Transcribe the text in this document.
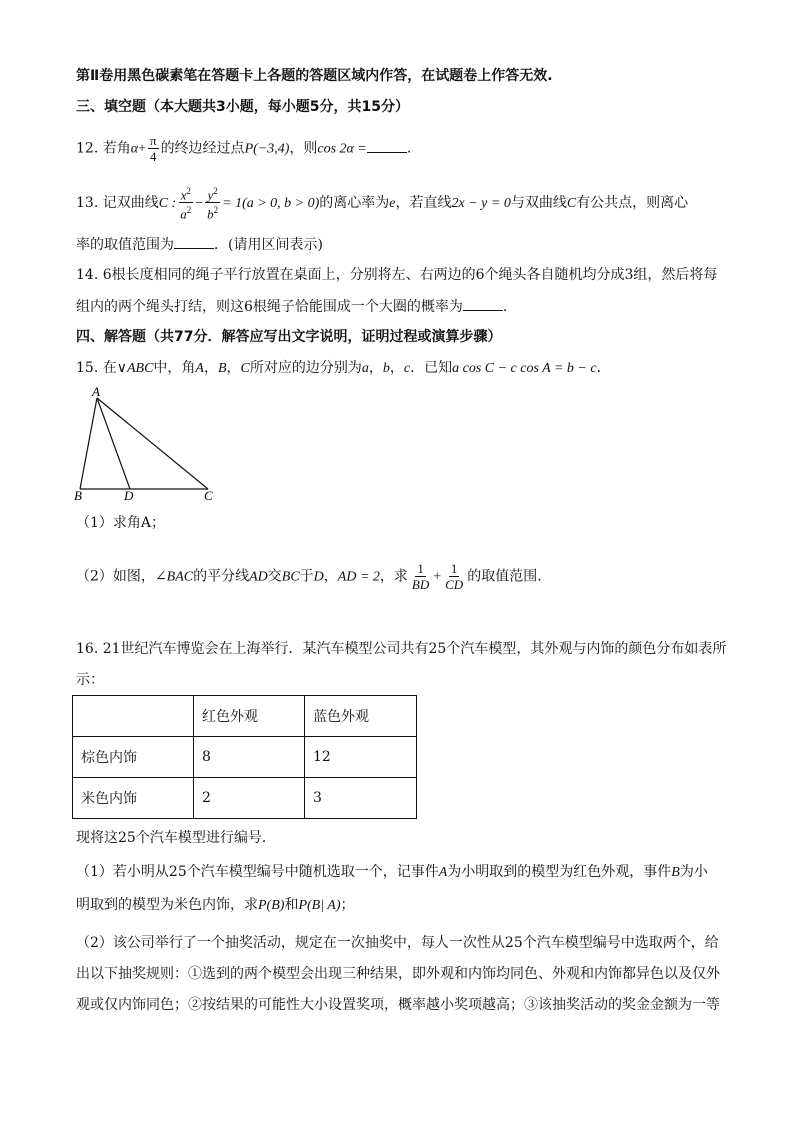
第Ⅱ卷用黑色碳素笔在答题卡上各题的答题区域内作答，在试题卷上作答无效.
三、填空题（本大题共3小题，每小题5分，共15分）
12. 若角$\alpha+ \frac{\pi}{4}$ 的终边经过点P(−3,4)，则cos 2α =	.
13. 记双曲线C : $\frac{x^2}{a^2} - \frac{y^2}{b^2} = 1(a > 0$, b > 0)的离心率为e，若直线2x − y = 0与双曲线C有公共点，则离心
率的取值范围为	．(请用区间表示)
14. 6根长度相同的绳子平行放置在桌面上，分别将左、右两边的6个绳头各自随机均分成3组，然后将每
组内的两个绳头打结，则这6根绳子恰能围成一个大圈的概率为	.
四、解答题（共77分．解答应写出文字说明，证明过程或演算步骤）
15. 在∨ABC中，角A，B，C所对应的边分别为a，b，c．已知a cos C − c cos A = b − c．
A
B	D	C
（1）求角A；
（2）如图，∠BAC的平分线AD交BC于D，AD = 2，求 $\frac{1}{BD} + \frac{1}{CD}$ 的取值范围.
16. 21世纪汽车博览会在上海举行．某汽车模型公司共有25个汽车模型，其外观与内饰的颜色分布如表所
示：
	红色外观	蓝色外观
棕色内饰	8	12
米色内饰	2	3
现将这25个汽车模型进行编号．
（1）若小明从25个汽车模型编号中随机选取一个，记事件A为小明取到的模型为红色外观，事件B为小
明取到的模型为米色内饰，求P(B)和P(B| A)；
（2）该公司举行了一个抽奖活动，规定在一次抽奖中，每人一次性从25个汽车模型编号中选取两个，给
出以下抽奖规则：①选到的两个模型会出现三种结果，即外观和内饰均同色、外观和内饰都异色以及仅外
观或仅内饰同色；②按结果的可能性大小设置奖项，概率越小奖项越高；③该抽奖活动的奖金金额为一等
